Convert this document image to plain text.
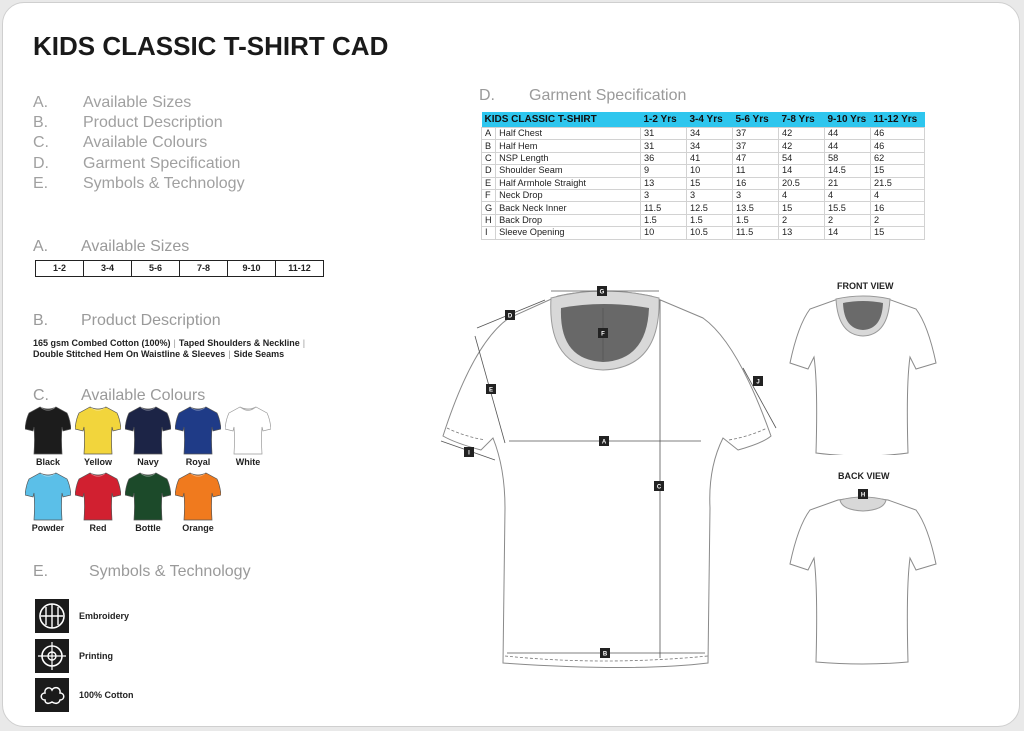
KIDS CLASSIC T-SHIRT CAD
A. Available Sizes
B. Product Description
C. Available Colours
D. Garment Specification
E. Symbols & Technology
A. Available Sizes
1-2	3-4	5-6	7-8	9-10	11-12
B. Product Description
165 gsm Combed Cotton (100%) | Taped Shoulders & Neckline |
Double Stitched Hem On Waistline & Sleeves | Side Seams
C. Available Colours
Black	Yellow	Navy	Royal	White
Powder	Red	Bottle	Orange
E.	Symbols & Technology
Embroidery
Printing
100% Cotton
D. Garment Specification
KIDS CLASSIC T-SHIRT		1-2 Yrs	3-4 Yrs	5-6 Yrs	7-8 Yrs	9-10 Yrs	11-12 Yrs
A	Half Chest	31	34	37	42	44	46
B	Half Hem	31	34	37	42	44	46
C	NSP Length	36	41	47	54	58	62
D	Shoulder Seam	9	10	11	14	14.5	15
E	Half Armhole Straight	13	15	16	20.5	21	21.5
F	Neck Drop	3	3	3	4	4	4
G	Back Neck Inner	11.5	12.5	13.5	15	15.5	16
H	Back Drop	1.5	1.5	1.5	2	2	2
I	Sleeve Opening	10	10.5	11.5	13	14	15
G
D
F
E
J
A
I
C
B
FRONT VIEW
BACK VIEW
H
